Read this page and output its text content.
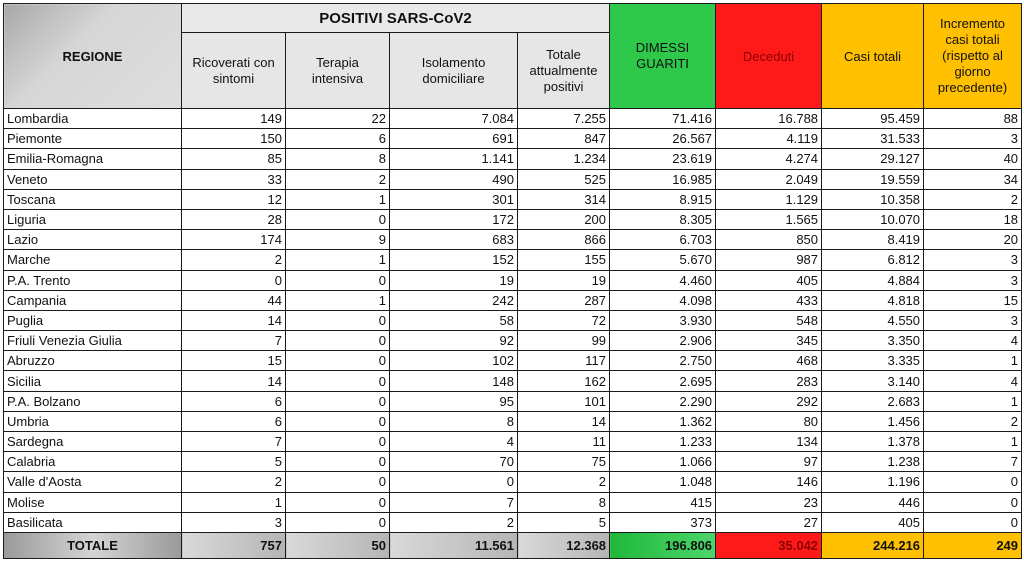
REGIONE	POSITIVI SARS-CoV2				DIMESSI GUARITI	Deceduti	Casi totali	Incremento casi totali (rispetto al giorno precedente)
	Ricoverati con sintomi	Terapia intensiva	Isolamento domiciliare	Totale attualmente positivi				
Lombardia	149	22	7.084	7.255	71.416	16.788	95.459	88
Piemonte	150	6	691	847	26.567	4.119	31.533	3
Emilia-Romagna	85	8	1.141	1.234	23.619	4.274	29.127	40
Veneto	33	2	490	525	16.985	2.049	19.559	34
Toscana	12	1	301	314	8.915	1.129	10.358	2
Liguria	28	0	172	200	8.305	1.565	10.070	18
Lazio	174	9	683	866	6.703	850	8.419	20
Marche	2	1	152	155	5.670	987	6.812	3
P.A. Trento	0	0	19	19	4.460	405	4.884	3
Campania	44	1	242	287	4.098	433	4.818	15
Puglia	14	0	58	72	3.930	548	4.550	3
Friuli Venezia Giulia	7	0	92	99	2.906	345	3.350	4
Abruzzo	15	0	102	117	2.750	468	3.335	1
Sicilia	14	0	148	162	2.695	283	3.140	4
P.A. Bolzano	6	0	95	101	2.290	292	2.683	1
Umbria	6	0	8	14	1.362	80	1.456	2
Sardegna	7	0	4	11	1.233	134	1.378	1
Calabria	5	0	70	75	1.066	97	1.238	7
Valle d'Aosta	2	0	0	2	1.048	146	1.196	0
Molise	1	0	7	8	415	23	446	0
Basilicata	3	0	2	5	373	27	405	0
TOTALE	757	50	11.561	12.368	196.806	35.042	244.216	249
